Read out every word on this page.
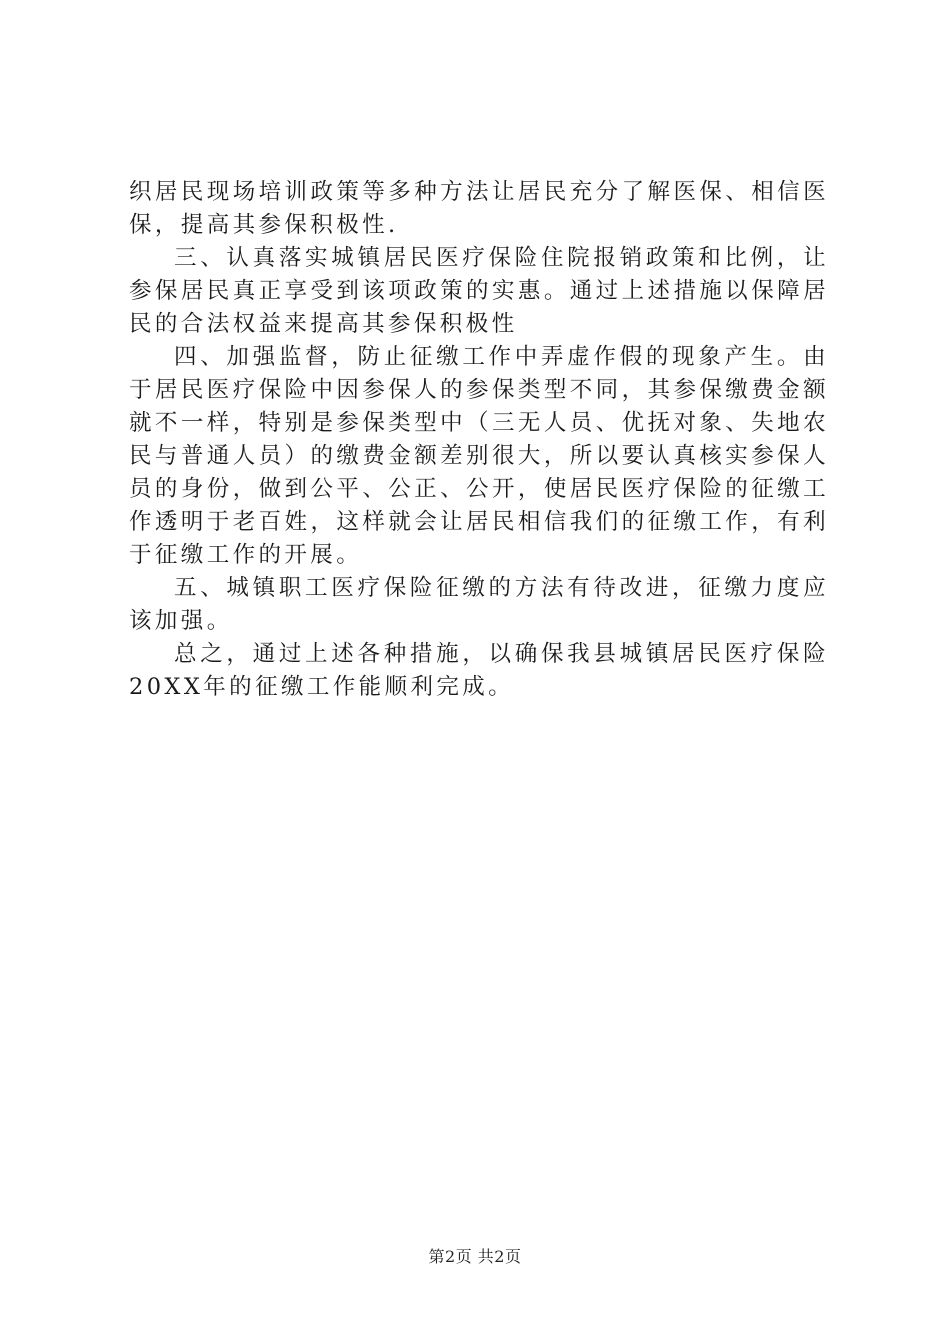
织居民现场培训政策等多种方法让居民充分了解医保、相信医保，提高其参保积极性.

三、认真落实城镇居民医疗保险住院报销政策和比例，让参保居民真正享受到该项政策的实惠。通过上述措施以保障居民的合法权益来提高其参保积极性

四、加强监督，防止征缴工作中弄虚作假的现象产生。由于居民医疗保险中因参保人的参保类型不同，其参保缴费金额就不一样，特别是参保类型中（三无人员、优抚对象、失地农民与普通人员）的缴费金额差别很大，所以要认真核实参保人员的身份，做到公平、公正、公开，使居民医疗保险的征缴工作透明于老百姓，这样就会让居民相信我们的征缴工作，有利于征缴工作的开展。

五、城镇职工医疗保险征缴的方法有待改进，征缴力度应该加强。

总之，通过上述各种措施，以确保我县城镇居民医疗保险20XX年的征缴工作能顺利完成。

第2页 共2页
